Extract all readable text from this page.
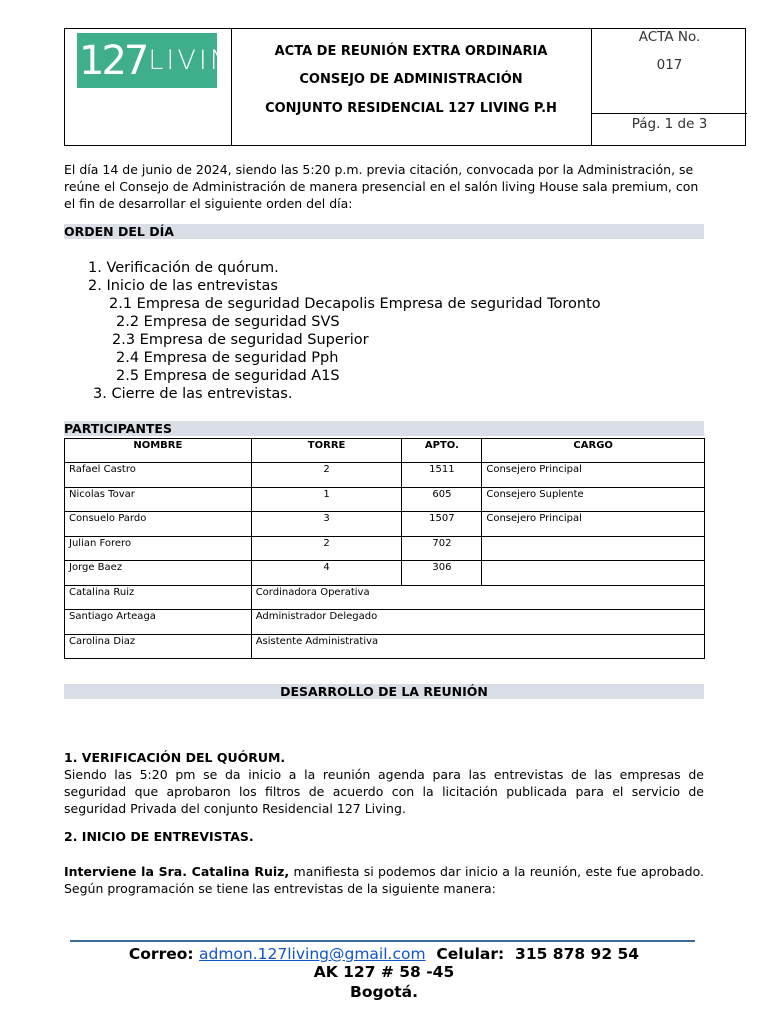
127 LIVING	ACTA DE REUNIÓN EXTRA ORDINARIA
CONSEJO DE ADMINISTRACIÓN
CONJUNTO RESIDENCIAL 127 LIVING P.H
ACTA No.
017
Pág. 1 de 3
El día 14 de junio de 2024, siendo las 5:20 p.m. previa citación, convocada por la Administración, se reúne el Consejo de Administración de manera presencial en el salón living House sala premium, con el fin de desarrollar el siguiente orden del día:
ORDEN DEL DÍA
1. Verificación de quórum.
2. Inicio de las entrevistas
2.1 Empresa de seguridad Decapolis Empresa de seguridad Toronto
2.2 Empresa de seguridad SVS
2.3 Empresa de seguridad Superior
2.4 Empresa de seguridad Pph
2.5 Empresa de seguridad A1S
3. Cierre de las entrevistas.
PARTICIPANTES
NOMBRE	TORRE	APTO.	CARGO
Rafael Castro	2	1511	Consejero Principal
Nicolas Tovar	1	605	Consejero Suplente
Consuelo Pardo	3	1507	Consejero Principal
Julian Forero	2	702	
Jorge Baez	4	306	
Catalina Ruiz	Cordinadora Operativa		
Santiago Arteaga	Administrador Delegado		
Carolina Diaz	Asistente Administrativa		
DESARROLLO DE LA REUNIÓN
1. VERIFICACIÓN DEL QUÓRUM.
Siendo las 5:20 pm se da inicio a la reunión agenda para las entrevistas de las empresas de seguridad que aprobaron los filtros de acuerdo con la licitación publicada para el servicio de seguridad Privada del conjunto Residencial 127 Living.
2. INICIO DE ENTREVISTAS.
Interviene la Sra. Catalina Ruiz, manifiesta si podemos dar inicio a la reunión, este fue aprobado. Según programación se tiene las entrevistas de la siguiente manera:
Correo: admon.127living@gmail.com Celular: 315 878 92 54
AK 127 # 58 -45
Bogotá.
